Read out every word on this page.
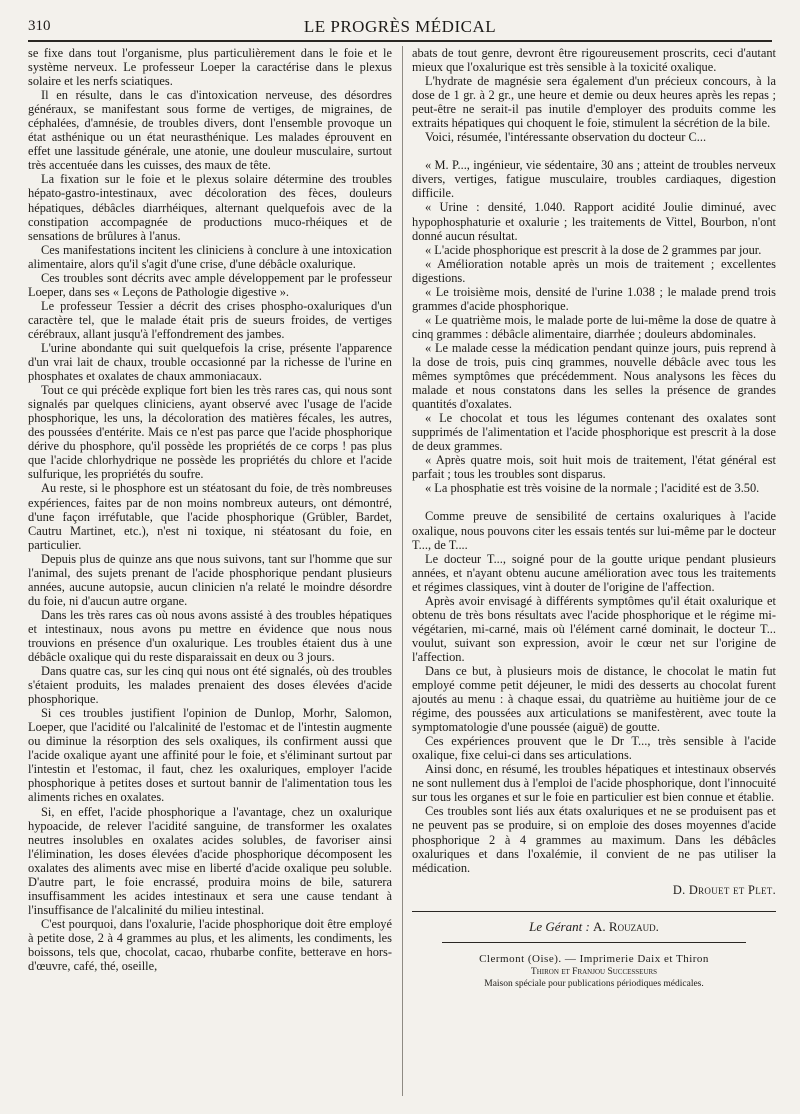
310	LE PROGRÈS MÉDICAL

se fixe dans tout l'organisme, plus particulièrement dans le foie et le système nerveux. Le professeur Loeper la caractérise dans le plexus solaire et les nerfs sciatiques.

Il en résulte, dans le cas d'intoxication nerveuse, des désordres généraux, se manifestant sous forme de vertiges, de migraines, de céphalées, d'amnésie, de troubles divers, dont l'ensemble provoque un état asthénique ou un état neurasthénique. Les malades éprouvent en effet une lassitude générale, une atonie, une douleur musculaire, surtout très accentuée dans les cuisses, des maux de tête.

La fixation sur le foie et le plexus solaire détermine des troubles hépato-gastro-intestinaux, avec décoloration des fèces, douleurs hépatiques, débâcles diarrhéiques, alternant quelquefois avec de la constipation accompagnée de productions muco-rhéiques et de sensations de brûlures à l'anus.

Ces manifestations incitent les cliniciens à conclure à une intoxication alimentaire, alors qu'il s'agit d'une crise, d'une débâcle oxalurique.

Ces troubles sont décrits avec ample développement par le professeur Loeper, dans ses « Leçons de Pathologie digestive ».

Le professeur Tessier a décrit des crises phospho-oxaluriques d'un caractère tel, que le malade était pris de sueurs froides, de vertiges cérébraux, allant jusqu'à l'effondrement des jambes.

L'urine abondante qui suit quelquefois la crise, présente l'apparence d'un vrai lait de chaux, trouble occasionné par la richesse de l'urine en phosphates et oxalates de chaux ammoniacaux.

Tout ce qui précède explique fort bien les très rares cas, qui nous sont signalés par quelques cliniciens, ayant observé avec l'usage de l'acide phosphorique, les uns, la décoloration des matières fécales, les autres, des poussées d'entérite. Mais ce n'est pas parce que l'acide phosphorique dérive du phosphore, qu'il possède les propriétés de ce corps ! pas plus que l'acide chlorhydrique ne possède les propriétés du chlore et l'acide sulfurique, les propriétés du soufre.

Au reste, si le phosphore est un stéatosant du foie, de très nombreuses expériences, faites par de non moins nombreux auteurs, ont démontré, d'une façon irréfutable, que l'acide phosphorique (Grübler, Bardet, Cautru Martinet, etc.), n'est ni toxique, ni stéatosant du foie, en particulier.

Depuis plus de quinze ans que nous suivons, tant sur l'homme que sur l'animal, des sujets prenant de l'acide phosphorique pendant plusieurs années, aucune autopsie, aucun clinicien n'a relaté le moindre désordre du foie, ni d'aucun autre organe.

Dans les très rares cas où nous avons assisté à des troubles hépatiques et intestinaux, nous avons pu mettre en évidence que nous nous trouvions en présence d'un oxalurique. Les troubles étaient dus à une débâcle oxalique qui du reste disparaissait en deux ou 3 jours.

Dans quatre cas, sur les cinq qui nous ont été signalés, où des troubles s'étaient produits, les malades prenaient des doses élevées d'acide phosphorique.

Si ces troubles justifient l'opinion de Dunlop, Morhr, Salomon, Loeper, que l'acidité ou l'alcalinité de l'estomac et de l'intestin augmente ou diminue la résorption des sels oxaliques, ils confirment aussi que l'acide oxalique ayant une affinité pour le foie, et s'éliminant surtout par l'intestin et l'estomac, il faut, chez les oxaluriques, employer l'acide phosphorique à petites doses et surtout bannir de l'alimentation tous les aliments riches en oxalates.

Si, en effet, l'acide phosphorique a l'avantage, chez un oxalurique hypoacide, de relever l'acidité sanguine, de transformer les oxalates neutres insolubles en oxalates acides solubles, de favoriser ainsi l'élimination, les doses élevées d'acide phosphorique décomposent les oxalates des aliments avec mise en liberté d'acide oxalique peu soluble. D'autre part, le foie encrassé, produira moins de bile, saturera insuffisamment les acides intestinaux et sera une cause tendant à l'insuffisance de l'alcalinité du milieu intestinal.

C'est pourquoi, dans l'oxalurie, l'acide phosphorique doit être employé à petite dose, 2 à 4 grammes au plus, et les aliments, les condiments, les boissons, tels que, chocolat, cacao, rhubarbe confite, betterave en hors-d'œuvre, café, thé, oseille,

abats de tout genre, devront être rigoureusement proscrits, ceci d'autant mieux que l'oxalurique est très sensible à la toxicité oxalique.

L'hydrate de magnésie sera également d'un précieux concours, à la dose de 1 gr. à 2 gr., une heure et demie ou deux heures après les repas ; peut-être ne serait-il pas inutile d'employer des produits comme les extraits hépatiques qui choquent le foie, stimulent la sécrétion de la bile.

Voici, résumée, l'intéressante observation du docteur C...

« M. P..., ingénieur, vie sédentaire, 30 ans ; atteint de troubles nerveux divers, vertiges, fatigue musculaire, troubles cardiaques, digestion difficile.

« Urine : densité, 1.040. Rapport acidité Joulie diminué, avec hypophosphaturie et oxalurie ; les traitements de Vittel, Bourbon, n'ont donné aucun résultat.

« L'acide phosphorique est prescrit à la dose de 2 grammes par jour.

« Amélioration notable après un mois de traitement ; excellentes digestions.

« Le troisième mois, densité de l'urine 1.038 ; le malade prend trois grammes d'acide phosphorique.

« Le quatrième mois, le malade porte de lui-même la dose de quatre à cinq grammes : débâcle alimentaire, diarrhée ; douleurs abdominales.

« Le malade cesse la médication pendant quinze jours, puis reprend à la dose de trois, puis cinq grammes, nouvelle débâcle avec tous les mêmes symptômes que précédemment. Nous analysons les fèces du malade et nous constatons dans les selles la présence de grandes quantités d'oxalates.

« Le chocolat et tous les légumes contenant des oxalates sont supprimés de l'alimentation et l'acide phosphorique est prescrit à la dose de deux grammes.

« Après quatre mois, soit huit mois de traitement, l'état général est parfait ; tous les troubles sont disparus.

« La phosphatie est très voisine de la normale ; l'acidité est de 3.50.

Comme preuve de sensibilité de certains oxaluriques à l'acide oxalique, nous pouvons citer les essais tentés sur lui-même par le docteur T..., de T....

Le docteur T..., soigné pour de la goutte urique pendant plusieurs années, et n'ayant obtenu aucune amélioration avec tous les traitements et régimes classiques, vint à douter de l'origine de l'affection.

Après avoir envisagé à différents symptômes qu'il était oxalurique et obtenu de très bons résultats avec l'acide phosphorique et le régime mi-végétarien, mi-carné, mais où l'élément carné dominait, le docteur T... voulut, suivant son expression, avoir le cœur net sur l'origine de l'affection.

Dans ce but, à plusieurs mois de distance, le chocolat le matin fut employé comme petit déjeuner, le midi des desserts au chocolat furent ajoutés au menu : à chaque essai, du quatrième au huitième jour de ce régime, des poussées aux articulations se manifestèrent, avec toute la symptomatologie d'une poussée (aiguë) de goutte.

Ces expériences prouvent que le Dr T..., très sensible à l'acide oxalique, fixe celui-ci dans ses articulations.

Ainsi donc, en résumé, les troubles hépatiques et intestinaux observés ne sont nullement dus à l'emploi de l'acide phosphorique, dont l'innocuité sur tous les organes et sur le foie en particulier est bien connue et établie.

Ces troubles sont liés aux états oxaluriques et ne se produisent pas et ne peuvent pas se produire, si on emploie des doses moyennes d'acide phosphorique 2 à 4 grammes au maximum. Dans les débâcles oxaluriques et dans l'oxalémie, il convient de ne pas utiliser la médication.

D. Drouet et Plet.

Le Gérant : A. Rouzaud.

Clermont (Oise). — Imprimerie Daix et Thiron

Thiron et Franjou Successeurs

Maison spéciale pour publications périodiques médicales.
